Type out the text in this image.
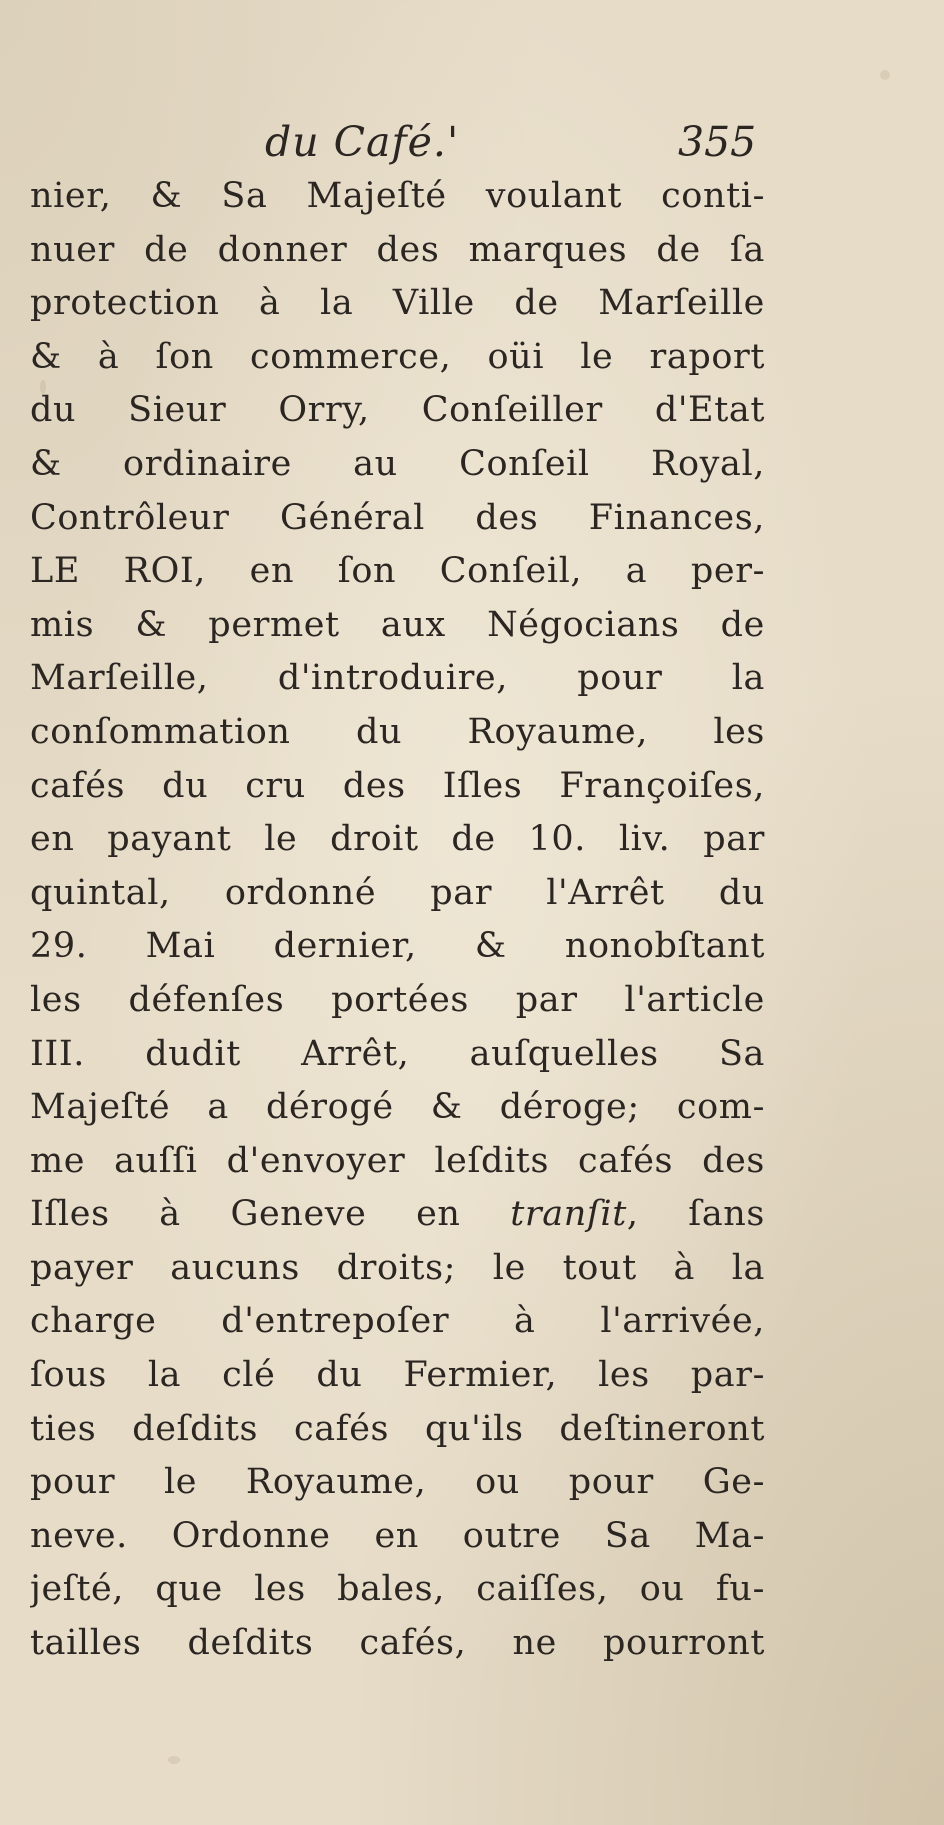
du Café.'	355
nier, & Sa Majeſté voulant conti-
nuer de donner des marques de ſa
protection à la Ville de Marſeille
& à ſon commerce, oüi le raport
du Sieur Orry, Conſeiller d'Etat
& ordinaire au Conſeil Royal,
Contrôleur Général des Finances,
LE ROI, en ſon Conſeil, a per-
mis & permet aux Négocians de
Marſeille, d'introduire, pour la
conſommation du Royaume, les
cafés du cru des Iſles Françoiſes,
en payant le droit de 10. liv. par
quintal, ordonné par l'Arrêt du
29. Mai dernier, & nonobſtant
les défenſes portées par l'article
III. dudit Arrêt, auſquelles Sa
Majeſté a dérogé & déroge; com-
me auſſi d'envoyer leſdits cafés des
Iſles à Geneve en tranſit, ſans
payer aucuns droits; le tout à la
charge d'entrepoſer à l'arrivée,
ſous la clé du Fermier, les par-
ties deſdits cafés qu'ils deſtineront
pour le Royaume, ou pour Ge-
neve. Ordonne en outre Sa Ma-
jeſté, que les bales, caiſſes, ou fu-
tailles deſdits cafés, ne pourront
